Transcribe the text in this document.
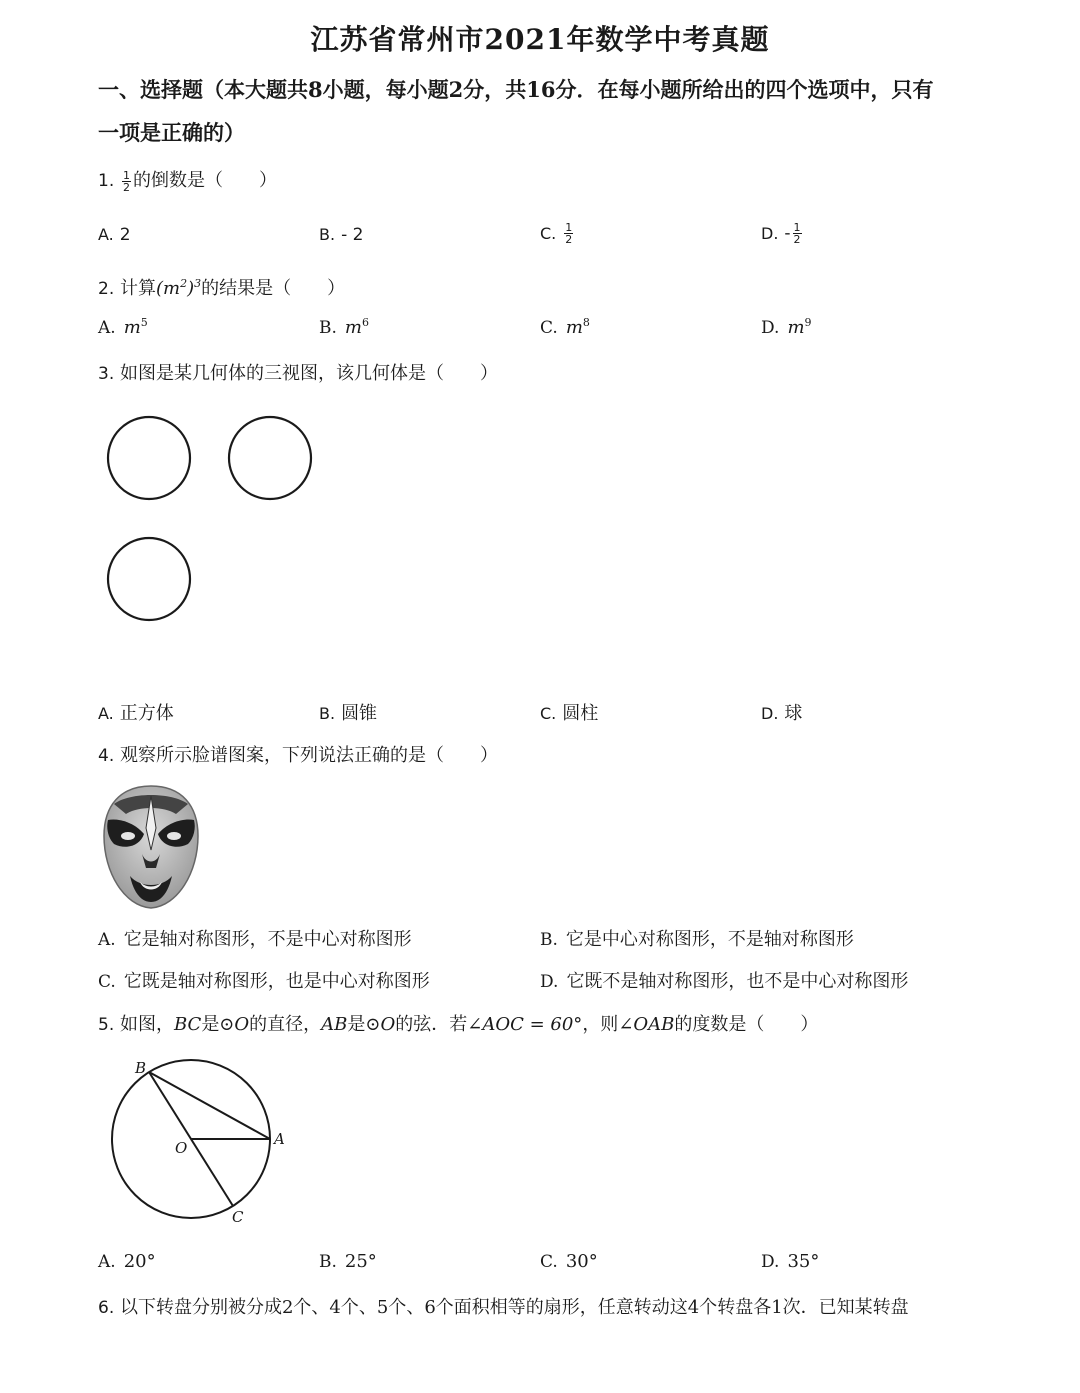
江苏省常州市2021年数学中考真题
一、选择题（本大题共8小题，每小题2分，共16分．在每小题所给出的四个选项中，只有
一项是正确的）
1. $\frac{1}{2}$ 的倒数是（　　）
A. 2	B. - 2	C. $\frac{1}{2}$	D. - $\frac{1}{2}$
2. 计算$(m^2)^3$的结果是（　　）
A. $m^5$	B. $m^6$	C. $m^8$	D. $m^9$
3. 如图是某几何体的三视图，该几何体是（　　）
A. 正方体	B. 圆锥	C. 圆柱	D. 球
4. 观察所示脸谱图案，下列说法正确的是（　　）
A. 它是轴对称图形，不是中心对称图形	B. 它是中心对称图形，不是轴对称图形
C. 它既是轴对称图形，也是中心对称图形	D. 它既不是轴对称图形，也不是中心对称图形
5. 如图，BC是⊙O的直径，AB是⊙O的弦．若∠AOC = 60°，则∠OAB的度数是（　　）
B
A
O
C
A. 20°	B. 25°	C. 30°	D. 35°
6. 以下转盘分别被分成2个、4个、5个、6个面积相等的扇形，任意转动这4个转盘各1次．已知某转盘
